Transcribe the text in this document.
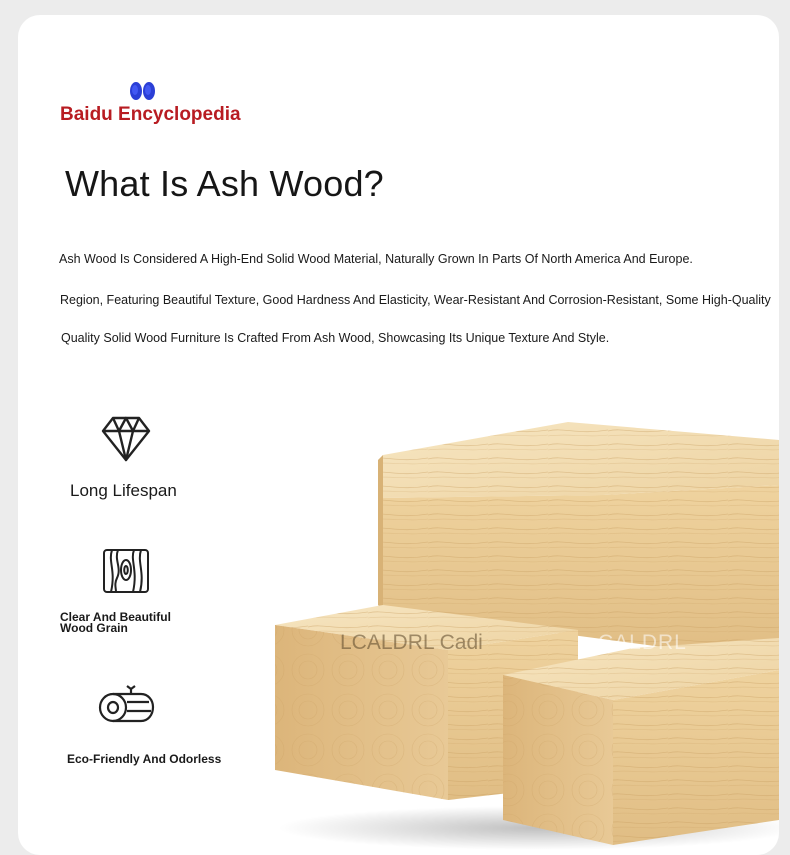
Baidu Encyclopedia
What Is Ash Wood?
Ash Wood Is Considered A High-End Solid Wood Material, Naturally Grown In Parts Of North America And Europe.
Region, Featuring Beautiful Texture, Good Hardness And Elasticity, Wear-Resistant And Corrosion-Resistant, Some High-Quality
Quality Solid Wood Furniture Is Crafted From Ash Wood, Showcasing Its Unique Texture And Style.
Long Lifespan
Clear And Beautiful Wood Grain
Eco-Friendly And Odorless
LCALDRL Cadi	CALDRL
